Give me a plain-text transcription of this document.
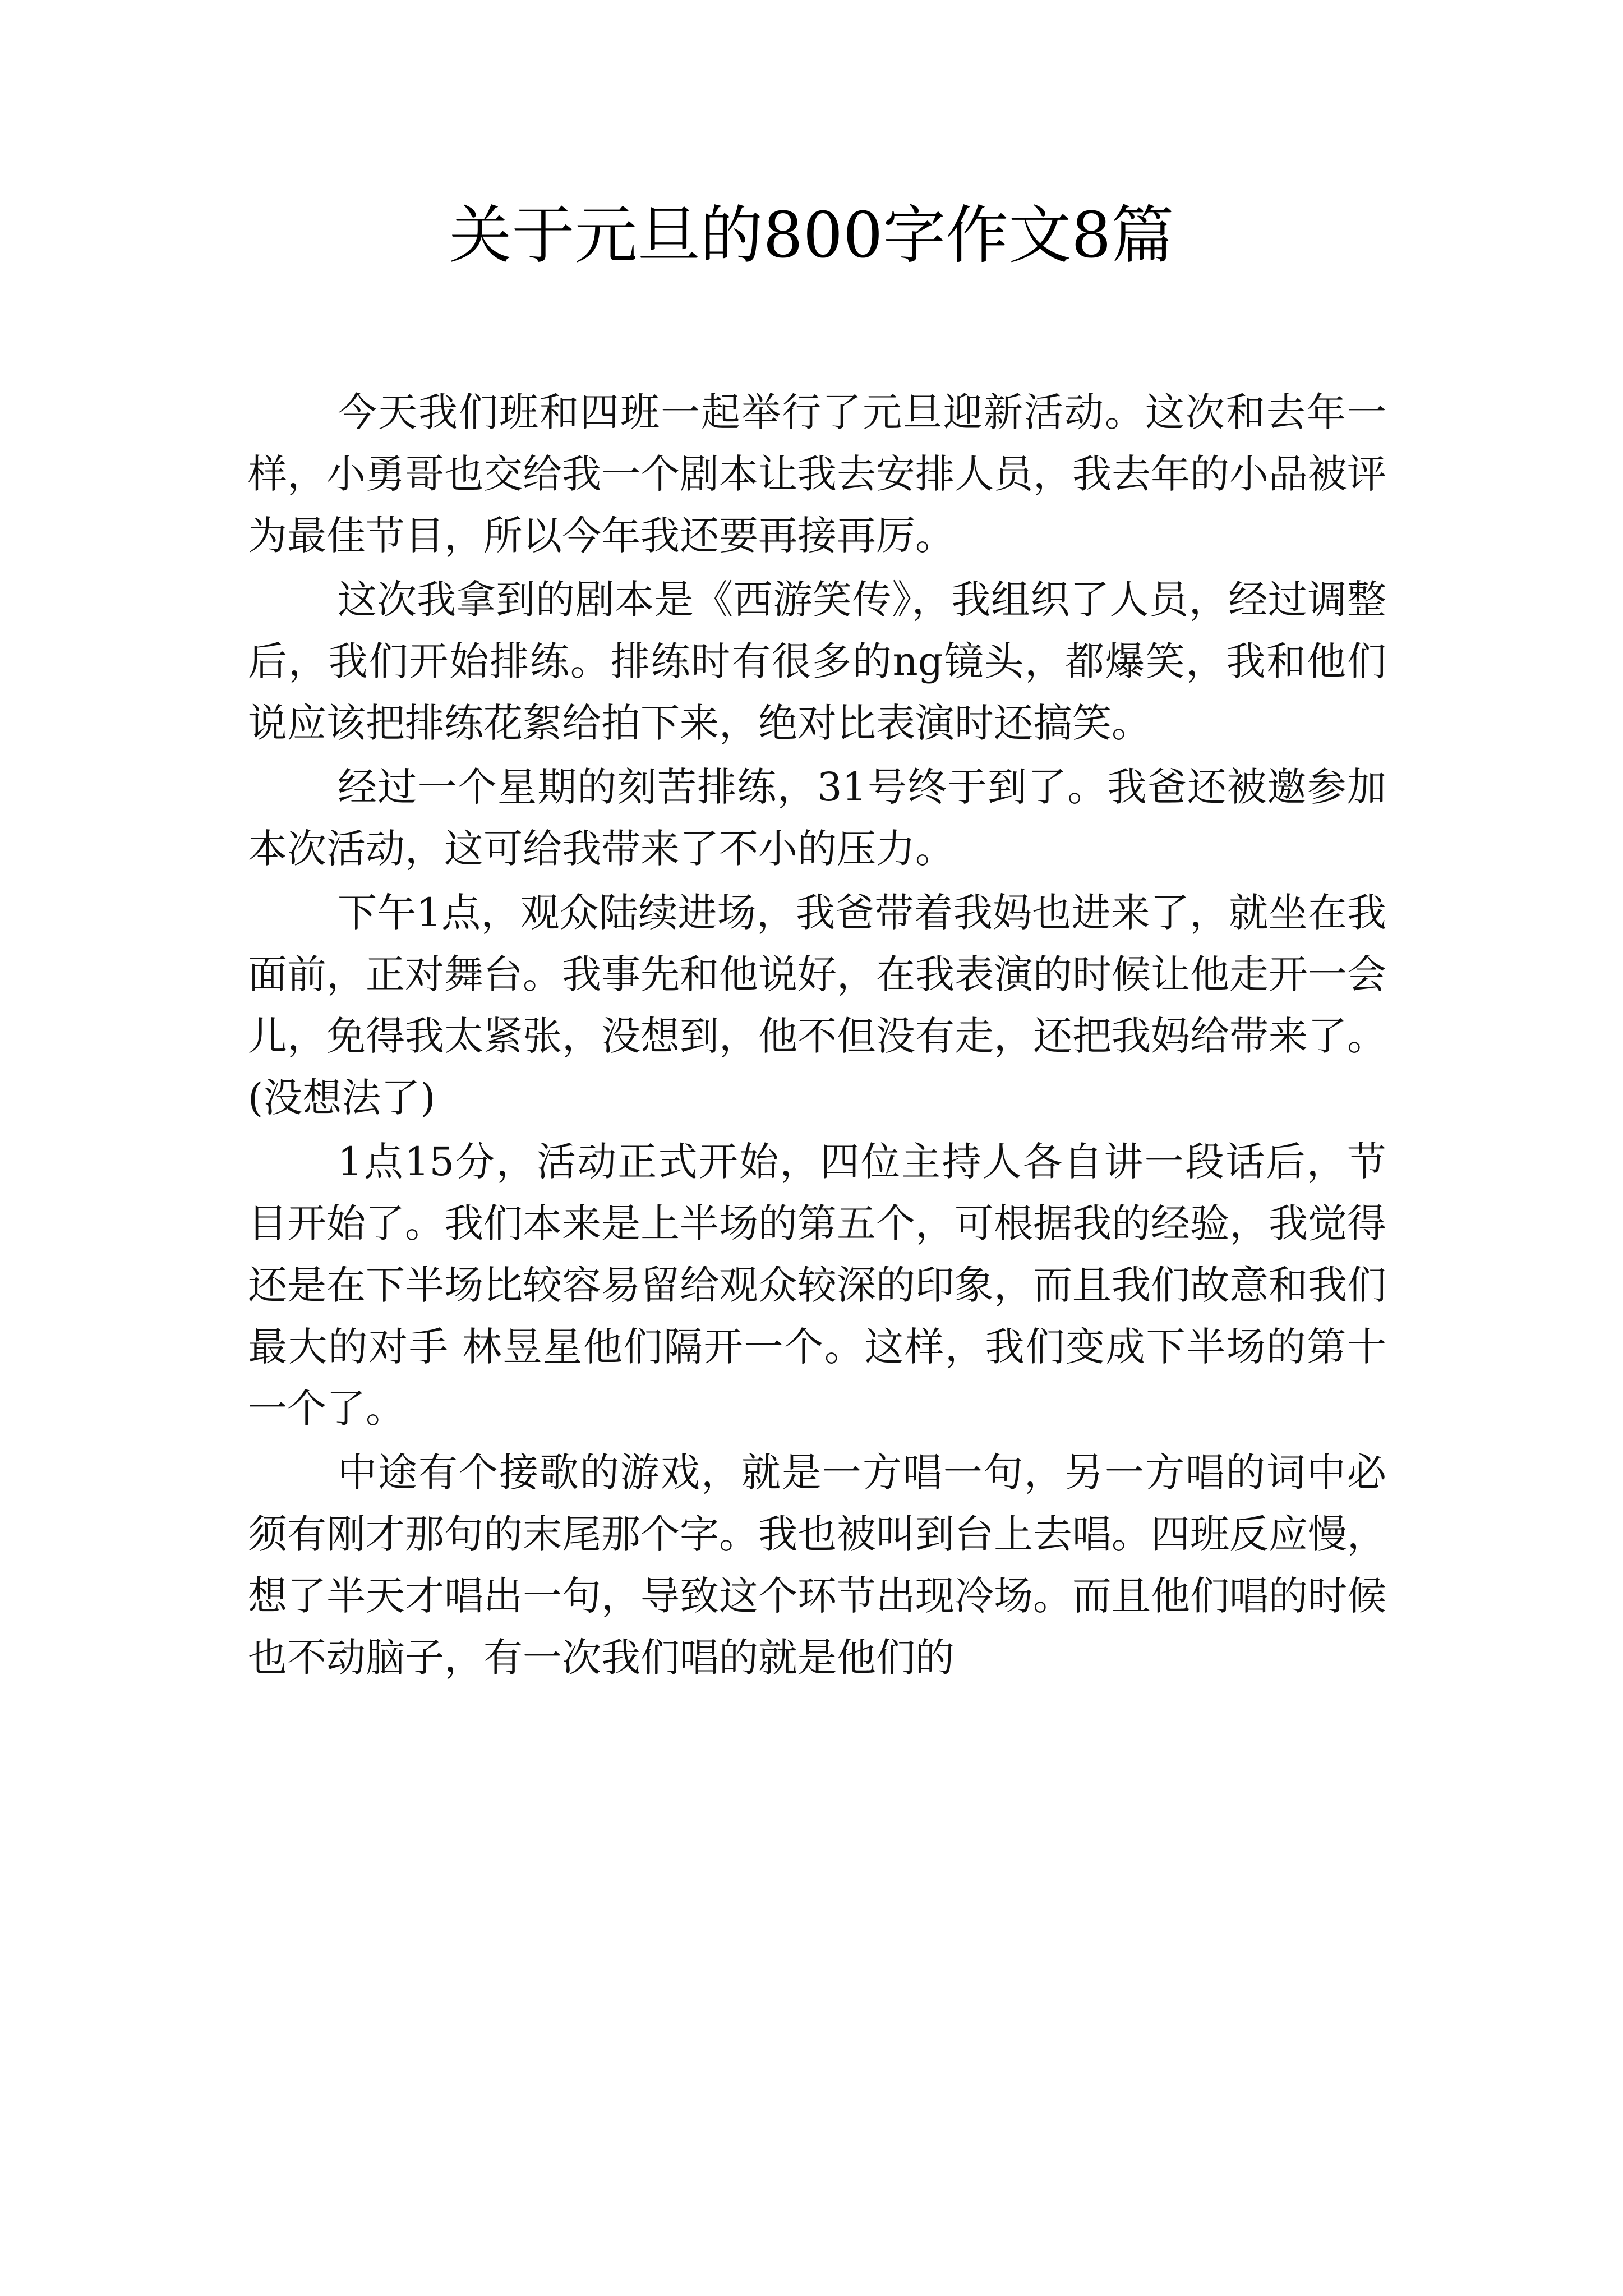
关于元旦的800字作文8篇

今天我们班和四班一起举行了元旦迎新活动。这次和去年一样，小勇哥也交给我一个剧本让我去安排人员，我去年的小品被评为最佳节目，所以今年我还要再接再厉。

这次我拿到的剧本是《西游笑传》，我组织了人员，经过调整后，我们开始排练。排练时有很多的ng镜头，都爆笑，我和他们说应该把排练花絮给拍下来，绝对比表演时还搞笑。

经过一个星期的刻苦排练，31号终于到了。我爸还被邀参加本次活动，这可给我带来了不小的压力。

下午1点，观众陆续进场，我爸带着我妈也进来了，就坐在我面前，正对舞台。我事先和他说好，在我表演的时候让他走开一会儿，免得我太紧张，没想到，他不但没有走，还把我妈给带来了。(没想法了)

1点15分，活动正式开始，四位主持人各自讲一段话后，节目开始了。我们本来是上半场的第五个，可根据我的经验，我觉得还是在下半场比较容易留给观众较深的印象，而且我们故意和我们最大的对手 林昱星他们隔开一个。这样，我们变成下半场的第十一个了。

中途有个接歌的游戏，就是一方唱一句，另一方唱的词中必须有刚才那句的末尾那个字。我也被叫到台上去唱。四班反应慢，想了半天才唱出一句，导致这个环节出现冷场。而且他们唱的时候也不动脑子，有一次我们唱的就是他们的
